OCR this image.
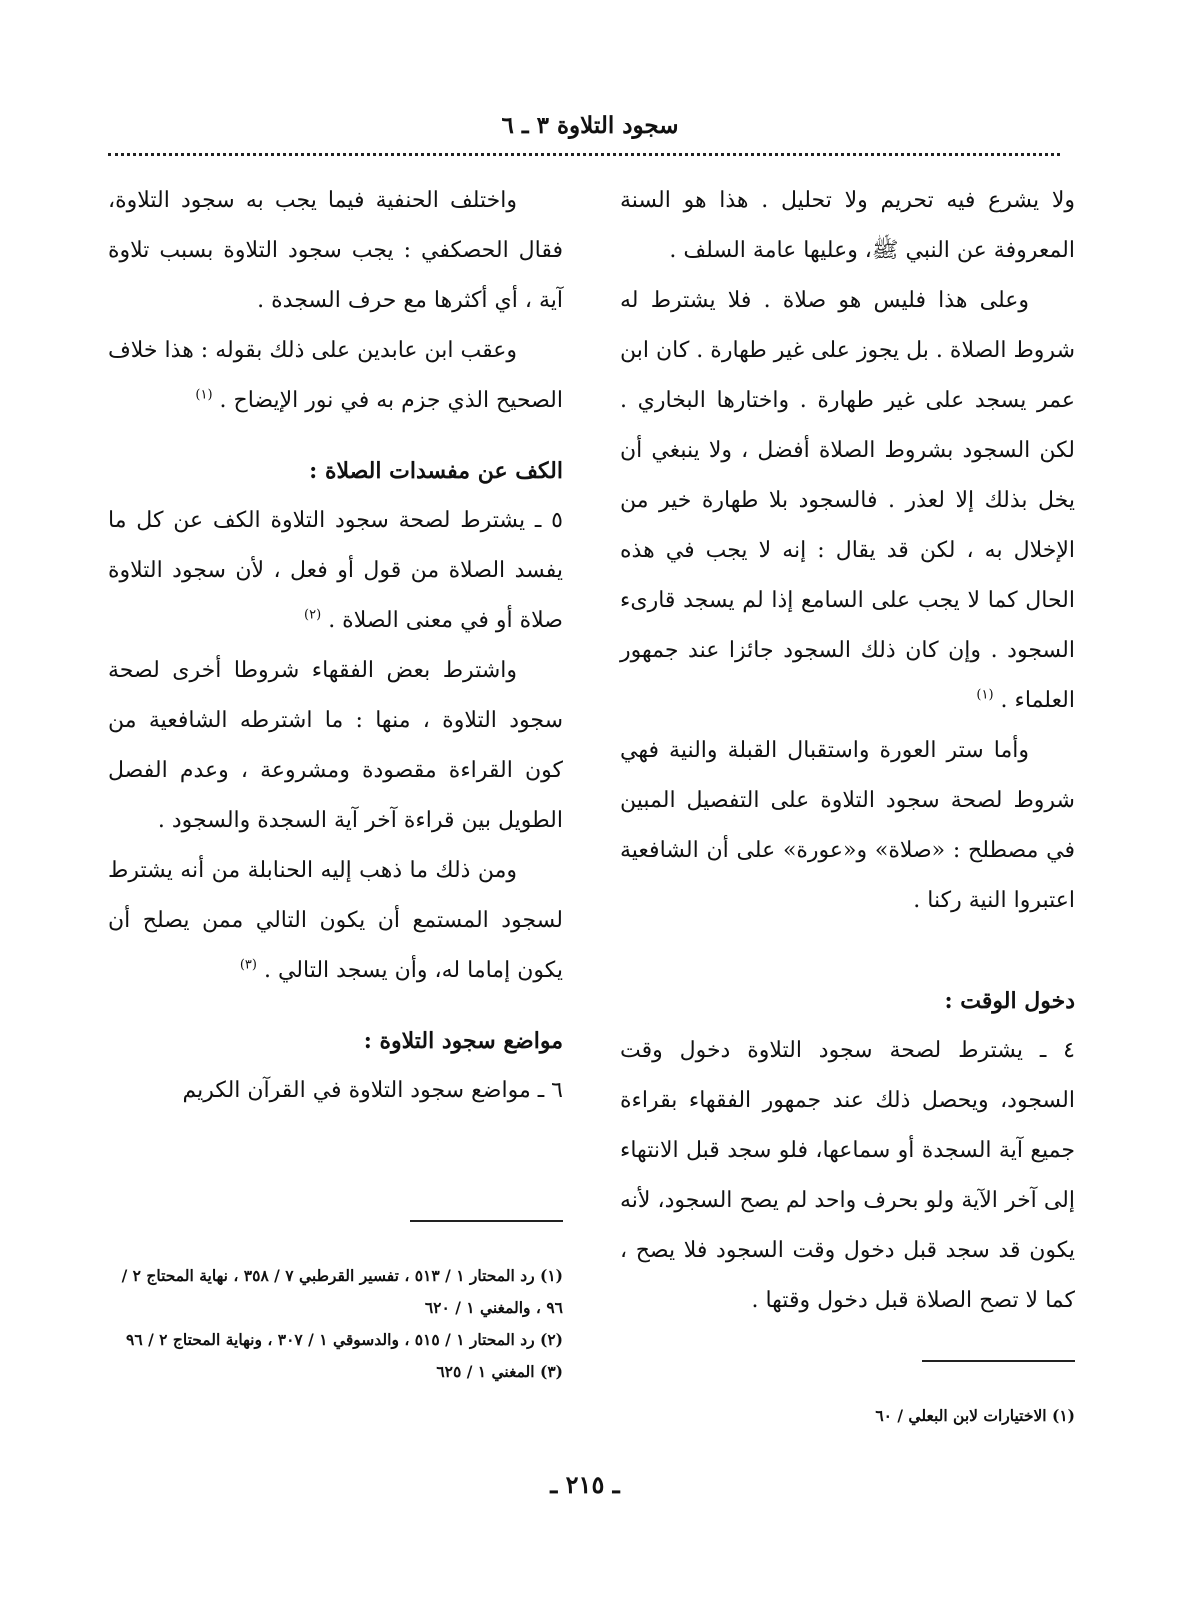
سجود التلاوة ٣ ـ ٦

ولا يشرع فيه تحريم ولا تحليل . هذا هو السنة المعروفة عن النبي ﷺ، وعليها عامة السلف .

وعلى هذا فليس هو صلاة . فلا يشترط له شروط الصلاة . بل يجوز على غير طهارة . كان ابن عمر يسجد على غير طهارة . واختارها البخاري . لكن السجود بشروط الصلاة أفضل ، ولا ينبغي أن يخل بذلك إلا لعذر . فالسجود بلا طهارة خير من الإخلال به ، لكن قد يقال : إنه لا يجب في هذه الحال كما لا يجب على السامع إذا لم يسجد قارىء السجود . وإن كان ذلك السجود جائزا عند جمهور العلماء . $^{(١)}$

وأما ستر العورة واستقبال القبلة والنية فهي شروط لصحة سجود التلاوة على التفصيل المبين في مصطلح : «صلاة» و«عورة» على أن الشافعية اعتبروا النية ركنا .

دخول الوقت :

٤ ـ يشترط لصحة سجود التلاوة دخول وقت السجود، ويحصل ذلك عند جمهور الفقهاء بقراءة جميع آية السجدة أو سماعها، فلو سجد قبل الانتهاء إلى آخر الآية ولو بحرف واحد لم يصح السجود، لأنه يكون قد سجد قبل دخول وقت السجود فلا يصح ، كما لا تصح الصلاة قبل دخول وقتها .

واختلف الحنفية فيما يجب به سجود التلاوة، فقال الحصكفي : يجب سجود التلاوة بسبب تلاوة آية ، أي أكثرها مع حرف السجدة .

وعقب ابن عابدين على ذلك بقوله : هذا خلاف الصحيح الذي جزم به في نور الإيضاح . $^{(١)}$

الكف عن مفسدات الصلاة :

٥ ـ يشترط لصحة سجود التلاوة الكف عن كل ما يفسد الصلاة من قول أو فعل ، لأن سجود التلاوة صلاة أو في معنى الصلاة . $^{(٢)}$

واشترط بعض الفقهاء شروطا أخرى لصحة سجود التلاوة ، منها : ما اشترطه الشافعية من كون القراءة مقصودة ومشروعة ، وعدم الفصل الطويل بين قراءة آخر آية السجدة والسجود .

ومن ذلك ما ذهب إليه الحنابلة من أنه يشترط لسجود المستمع أن يكون التالي ممن يصلح أن يكون إماما له، وأن يسجد التالي . $^{(٣)}$

مواضع سجود التلاوة :

٦ ـ مواضع سجود التلاوة في القرآن الكريم

(١) الاختيارات لابن البعلي / ٦٠

(١) رد المحتار ١ / ٥١٣ ، تفسير القرطبي ٧ / ٣٥٨ ، نهاية المحتاج ٢ / ٩٦ ، والمغني ١ / ٦٢٠

(٢) رد المحتار ١ / ٥١٥ ، والدسوقي ١ / ٣٠٧ ، ونهاية المحتاج ٢ / ٩٦

(٣) المغني ١ / ٦٢٥

ـ ٢١٥ ـ
